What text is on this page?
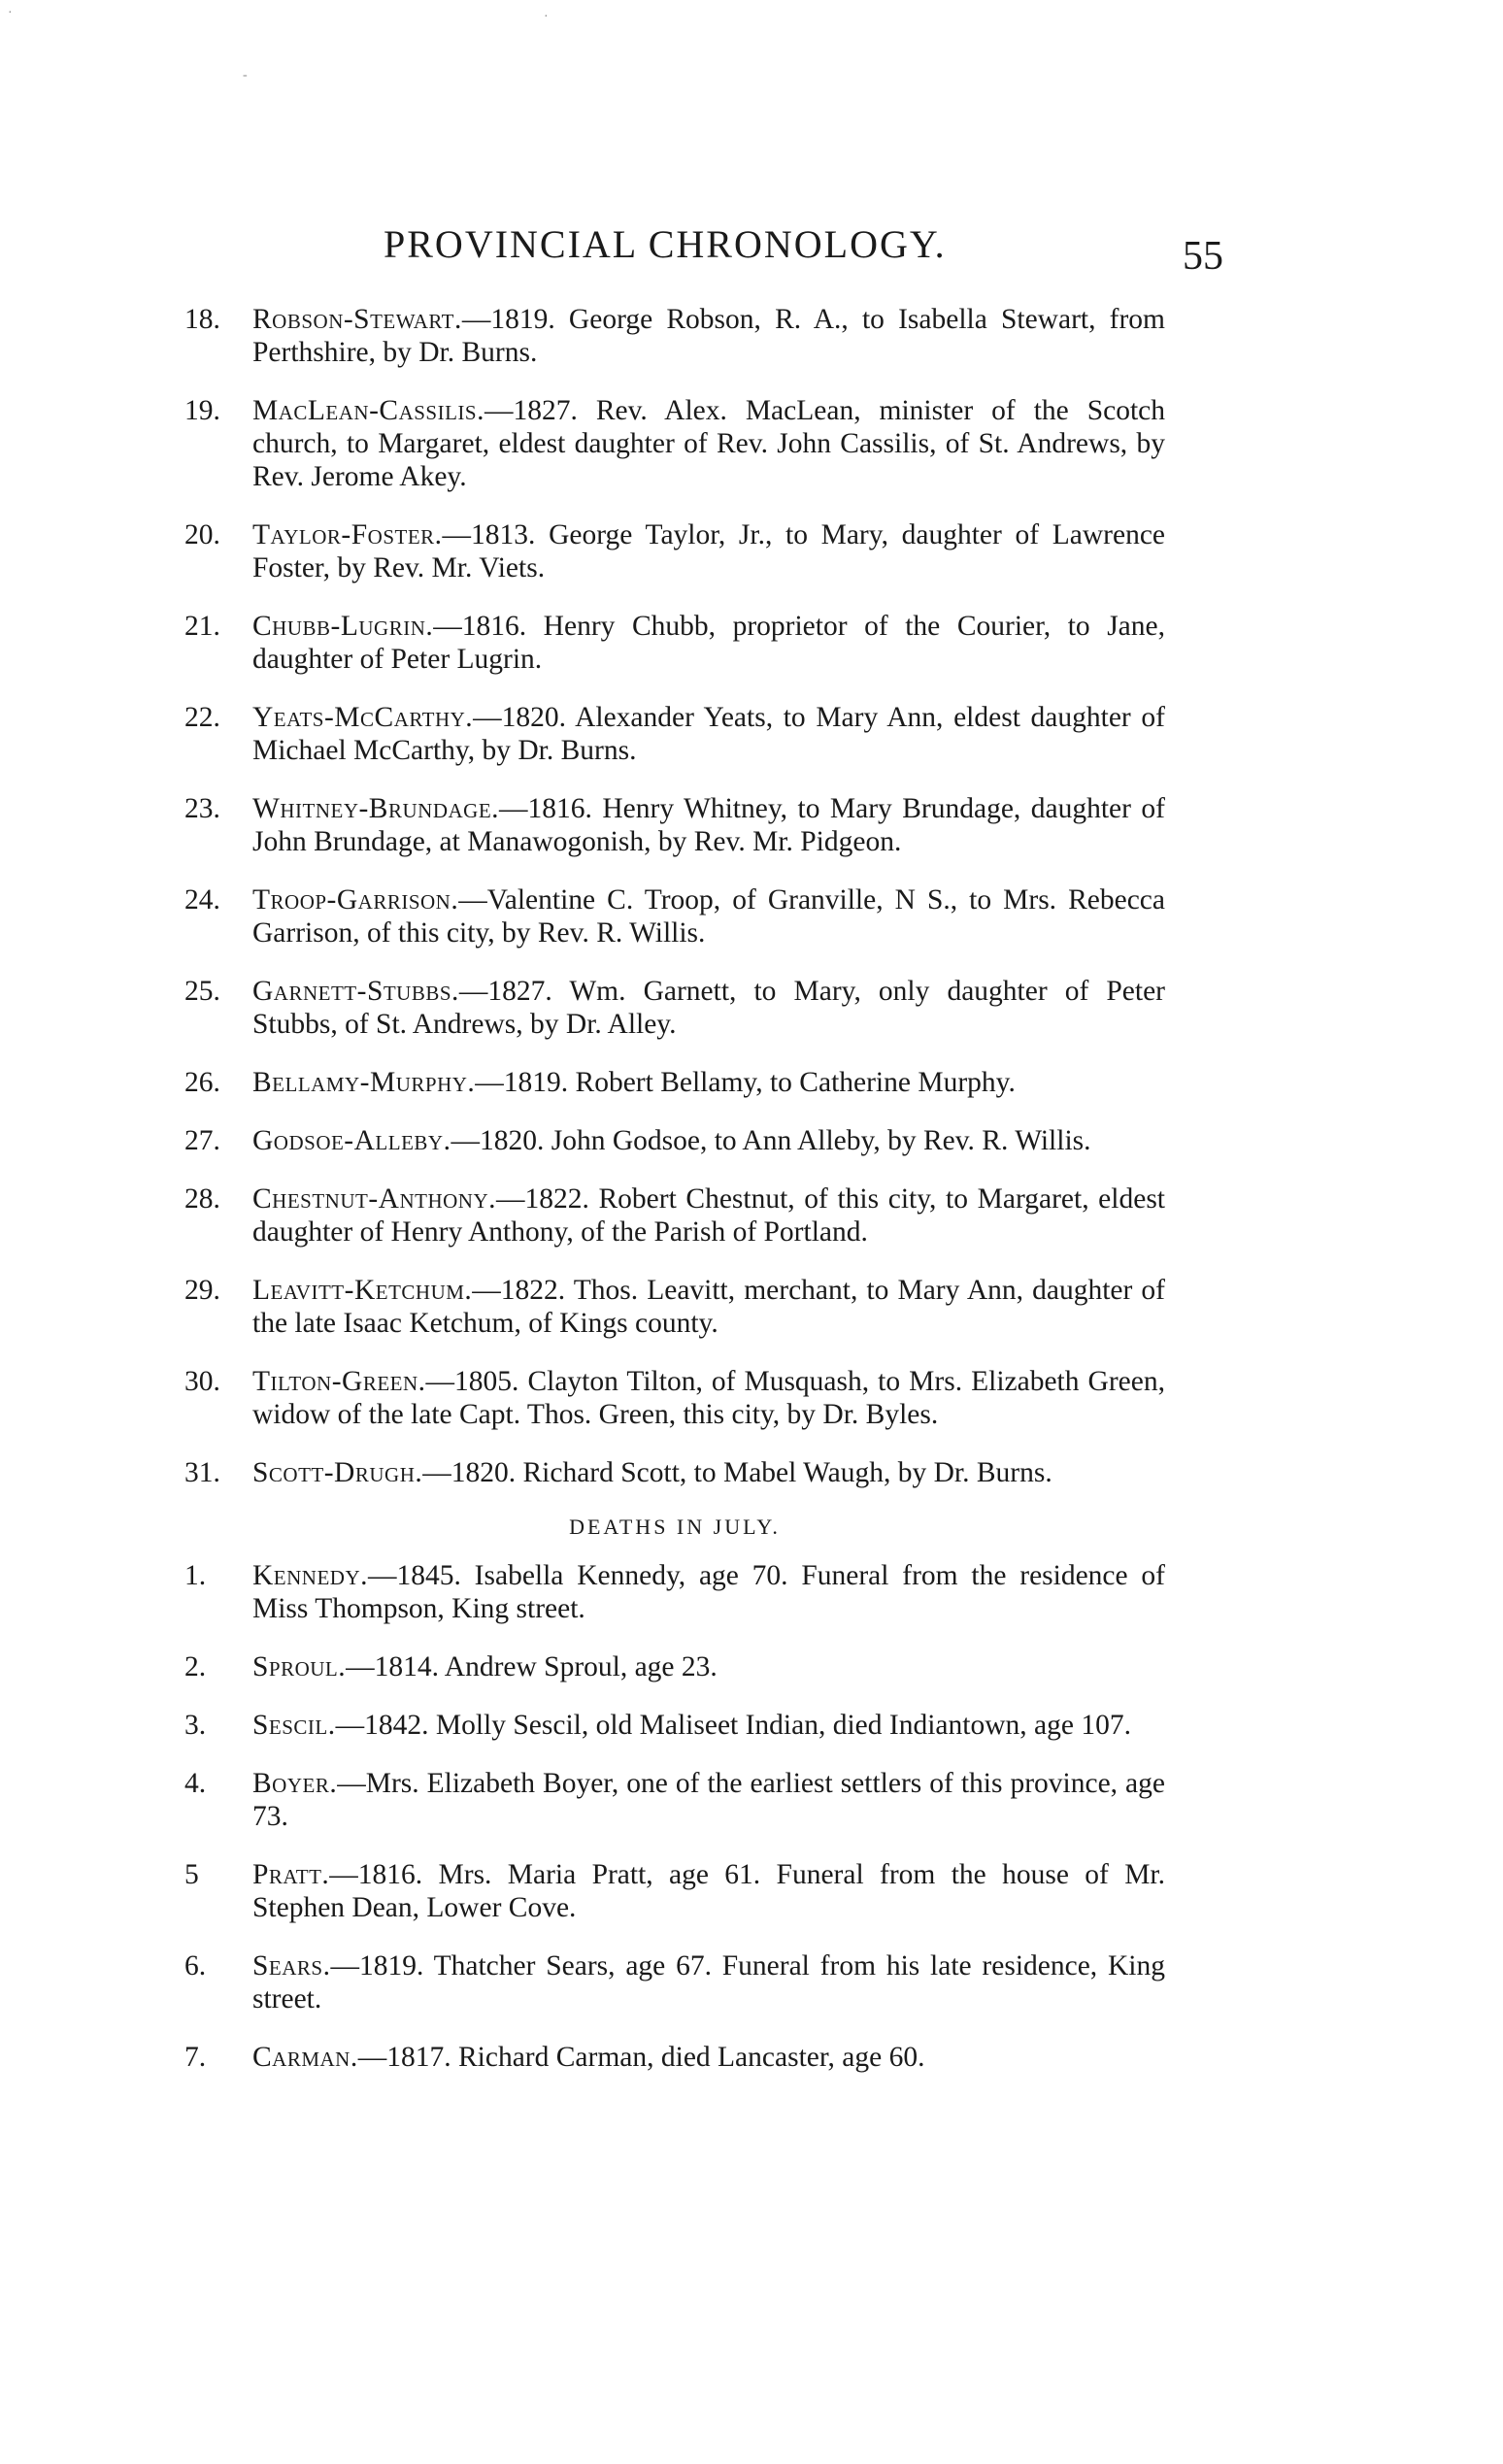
PROVINCIAL CHRONOLOGY.	55
18.	Robson-Stewart.—1819. George Robson, R. A., to Isabella Stewart, from Perthshire, by Dr. Burns.
19.	MacLean-Cassilis.—1827. Rev. Alex. MacLean, minister of the Scotch church, to Margaret, eldest daughter of Rev. John Cassilis, of St. Andrews, by Rev. Jerome Akey.
20.	Taylor-Foster.—1813. George Taylor, Jr., to Mary, daughter of Lawrence Foster, by Rev. Mr. Viets.
21.	Chubb-Lugrin.—1816. Henry Chubb, proprietor of the Courier, to Jane, daughter of Peter Lugrin.
22.	Yeats-McCarthy.—1820. Alexander Yeats, to Mary Ann, eldest daughter of Michael McCarthy, by Dr. Burns.
23.	Whitney-Brundage.—1816. Henry Whitney, to Mary Brundage, daughter of John Brundage, at Manawogonish, by Rev. Mr. Pidgeon.
24.	Troop-Garrison.—Valentine C. Troop, of Granville, N S., to Mrs. Rebecca Garrison, of this city, by Rev. R. Willis.
25.	Garnett-Stubbs.—1827. Wm. Garnett, to Mary, only daughter of Peter Stubbs, of St. Andrews, by Dr. Alley.
26.	Bellamy-Murphy.—1819. Robert Bellamy, to Catherine Murphy.
27.	Godsoe-Alleby.—1820. John Godsoe, to Ann Alleby, by Rev. R. Willis.
28.	Chestnut-Anthony.—1822. Robert Chestnut, of this city, to Margaret, eldest daughter of Henry Anthony, of the Parish of Portland.
29.	Leavitt-Ketchum.—1822. Thos. Leavitt, merchant, to Mary Ann, daughter of the late Isaac Ketchum, of Kings county.
30.	Tilton-Green.—1805. Clayton Tilton, of Musquash, to Mrs. Elizabeth Green, widow of the late Capt. Thos. Green, this city, by Dr. Byles.
31.	Scott-Drugh.—1820. Richard Scott, to Mabel Waugh, by Dr. Burns.
DEATHS IN JULY.
1.	Kennedy.—1845. Isabella Kennedy, age 70. Funeral from the residence of Miss Thompson, King street.
2.	Sproul.—1814. Andrew Sproul, age 23.
3.	Sescil.—1842. Molly Sescil, old Maliseet Indian, died Indiantown, age 107.
4.	Boyer.—Mrs. Elizabeth Boyer, one of the earliest settlers of this province, age 73.
5	Pratt.—1816. Mrs. Maria Pratt, age 61. Funeral from the house of Mr. Stephen Dean, Lower Cove.
6.	Sears.—1819. Thatcher Sears, age 67. Funeral from his late residence, King street.
7.	Carman.—1817. Richard Carman, died Lancaster, age 60.
·	·
-
